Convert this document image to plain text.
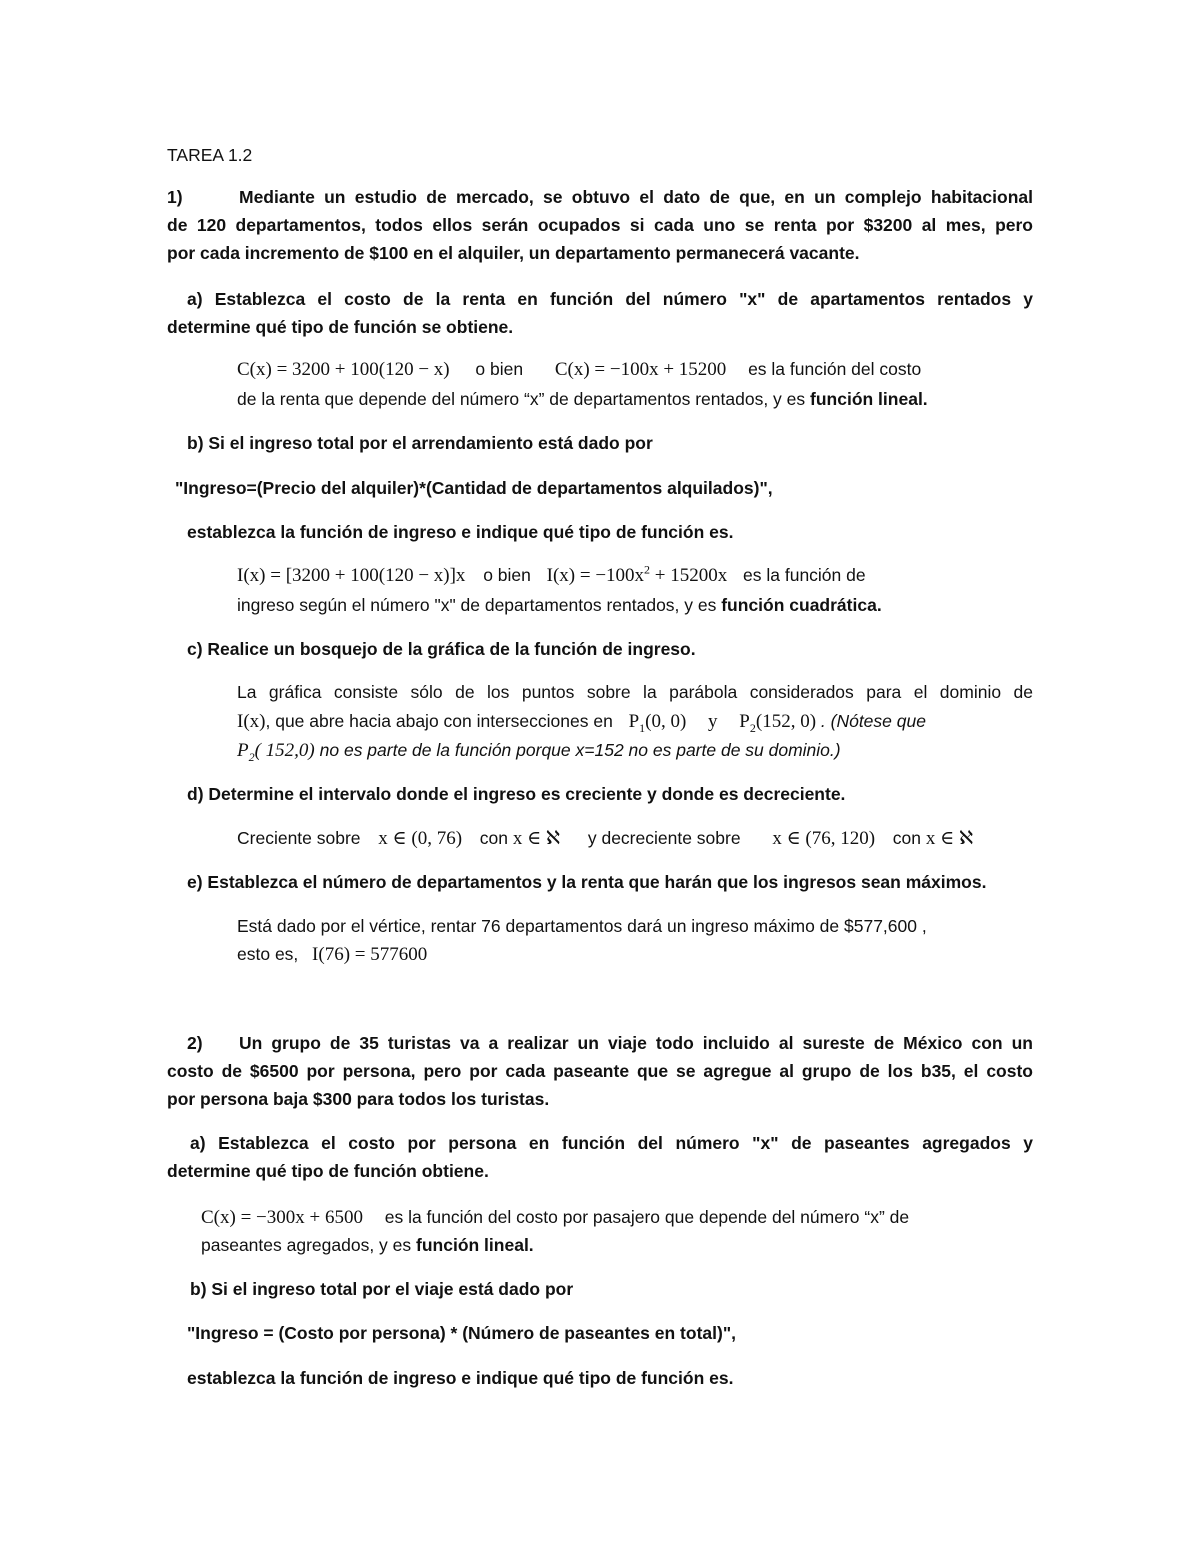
TAREA 1.2
1)	Mediante un estudio de mercado, se obtuvo el dato de que, en un complejo habitacional
de 120 departamentos, todos ellos serán ocupados si cada uno se renta por $3200 al mes, pero
por cada incremento de $100 en el alquiler, un departamento permanecerá vacante.
a) Establezca el costo de la renta en función del número "x" de apartamentos rentados y
determine qué tipo de función se obtiene.
C(x) = 3200 + 100(120 − x) o bien C(x) = −100x + 15200 es la función del costo
de la renta que depende del número “x” de departamentos rentados, y es función lineal.
b) Si el ingreso total por el arrendamiento está dado por
"Ingreso=(Precio del alquiler)*(Cantidad de departamentos alquilados)",
establezca la función de ingreso e indique qué tipo de función es.
I(x) = [3200 + 100(120 − x)]x o bien $I(x) = -100x^2 + 15200x$ es la función de
ingreso según el número "x" de departamentos rentados, y es función cuadrática.
c) Realice un bosquejo de la gráfica de la función de ingreso.
La gráfica consiste sólo de los puntos sobre la parábola considerados para el dominio de
I(x), que abre hacia abajo con intersecciones en $P_1(0$, 0) y $P_2(152$, 0) . (Nótese que
$P_2$( 152,0) no es parte de la función porque x=152 no es parte de su dominio.)
d) Determine el intervalo donde el ingreso es creciente y donde es decreciente.
Creciente sobre x ∈ (0, 76) con x ∈ ℵ y decreciente sobre x ∈ (76, 120) con x ∈ ℵ
e) Establezca el número de departamentos y la renta que harán que los ingresos sean máximos.
Está dado por el vértice, rentar 76 departamentos dará un ingreso máximo de $577,600 ,
esto es, I(76) = 577600
2) Un grupo de 35 turistas va a realizar un viaje todo incluido al sureste de México con un
costo de $6500 por persona, pero por cada paseante que se agregue al grupo de los b35, el costo
por persona baja $300 para todos los turistas.
a) Establezca el costo por persona en función del número "x" de paseantes agregados y
determine qué tipo de función obtiene.
C(x) = −300x + 6500 es la función del costo por pasajero que depende del número “x” de
paseantes agregados, y es función lineal.
b) Si el ingreso total por el viaje está dado por
"Ingreso = (Costo por persona) * (Número de paseantes en total)",
establezca la función de ingreso e indique qué tipo de función es.
